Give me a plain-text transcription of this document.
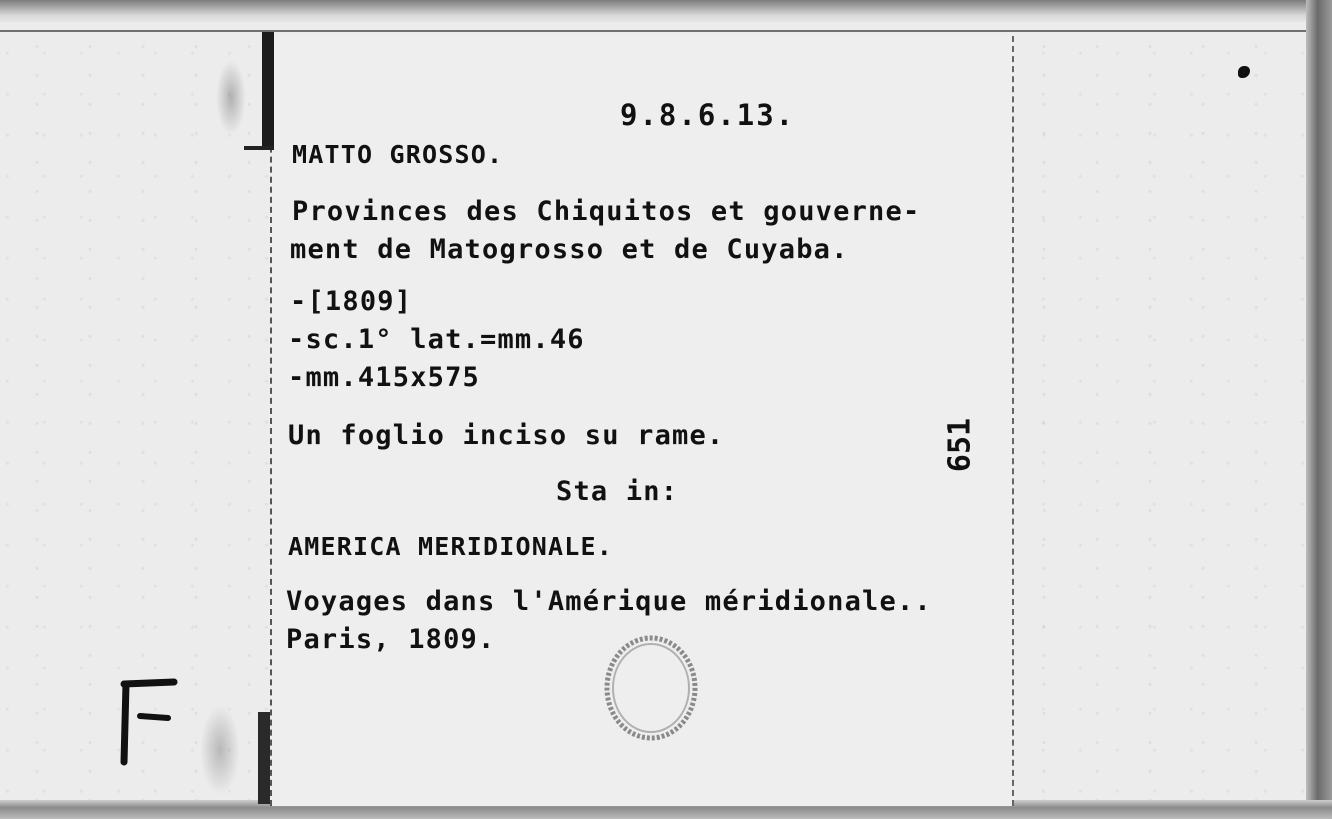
9.8.6.13.
MATTO GROSSO.
Provinces des Chiquitos et gouverne-
ment de Matogrosso et de Cuyaba.
-[1809]
-sc.1° lat.=mm.46
-mm.415x575
Un foglio inciso su rame.
Sta in:
AMERICA MERIDIONALE.
Voyages dans l'Amérique méridionale..
Paris, 1809.
651
